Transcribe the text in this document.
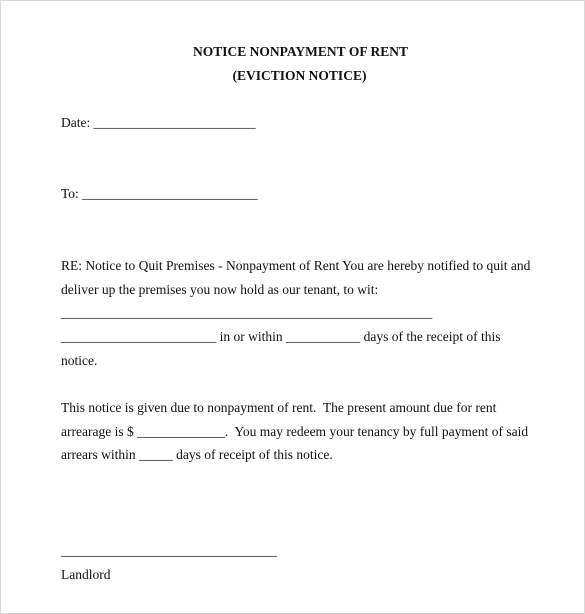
NOTICE NONPAYMENT OF RENT
(EVICTION NOTICE)
Date: ________________________
To: __________________________
RE: Notice to Quit Premises - Nonpayment of Rent You are hereby notified to quit and
deliver up the premises you now hold as our tenant, to wit:
_______________________________________________________
_______________________ in or within ___________ days of the receipt of this
notice.
This notice is given due to nonpayment of rent.  The present amount due for rent
arrearage is $ _____________.  You may redeem your tenancy by full payment of said
arrears within _____ days of receipt of this notice.
________________________________
Landlord
